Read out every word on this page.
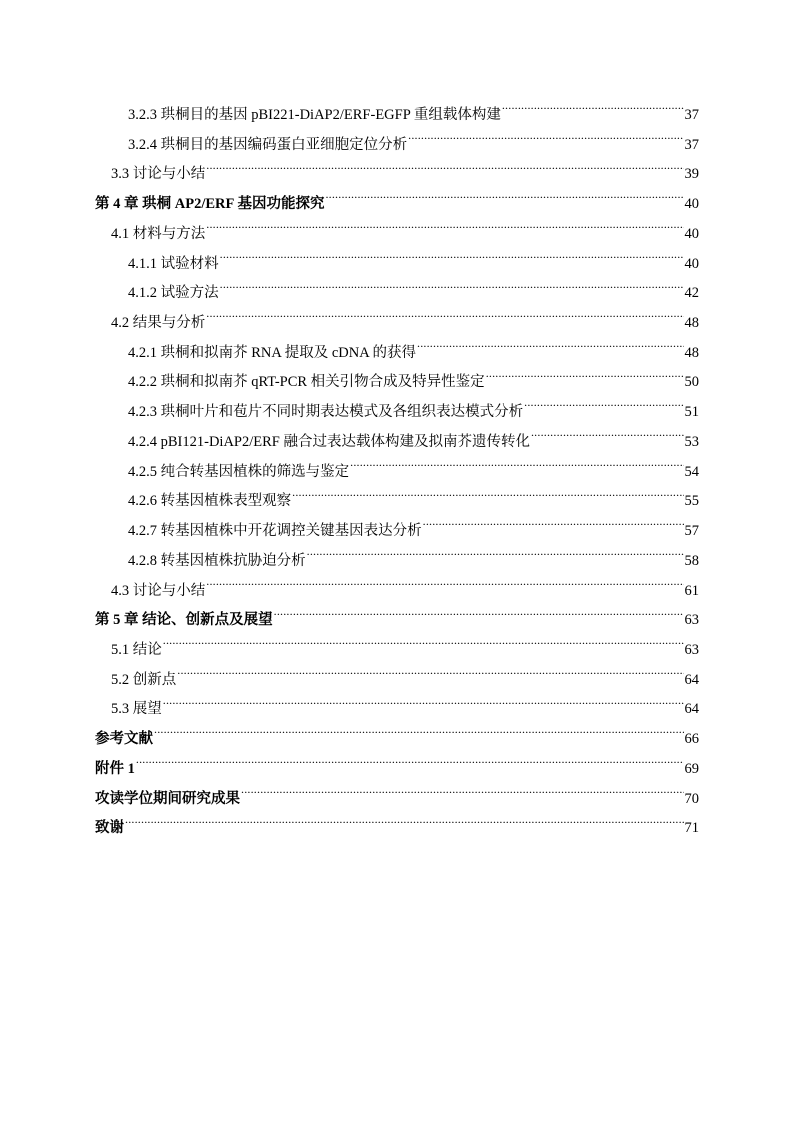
3.2.3 珙桐目的基因 pBI221-DiAP2/ERF-EGFP 重组载体构建 .....	37
3.2.4 珙桐目的基因编码蛋白亚细胞定位分析 .....	37
3.3 讨论与小结 .....	39
第 4 章 珙桐 AP2/ERF 基因功能探究 .....	40
4.1 材料与方法 .....	40
4.1.1 试验材料 .....	40
4.1.2 试验方法 .....	42
4.2 结果与分析 .....	48
4.2.1 珙桐和拟南芥 RNA 提取及 cDNA 的获得 .....	48
4.2.2 珙桐和拟南芥 qRT-PCR 相关引物合成及特异性鉴定 .....	50
4.2.3 珙桐叶片和苞片不同时期表达模式及各组织表达模式分析 .....	51
4.2.4 pBI121-DiAP2/ERF 融合过表达载体构建及拟南芥遗传转化 .....	53
4.2.5 纯合转基因植株的筛选与鉴定 .....	54
4.2.6 转基因植株表型观察 .....	55
4.2.7 转基因植株中开花调控关键基因表达分析 .....	57
4.2.8 转基因植株抗胁迫分析 .....	58
4.3 讨论与小结 .....	61
第 5 章 结论、创新点及展望 .....	63
5.1 结论 .....	63
5.2 创新点 .....	64
5.3 展望 .....	64
参考文献 .....	66
附件 1 .....	69
攻读学位期间研究成果 .....	70
致谢 .....	71
